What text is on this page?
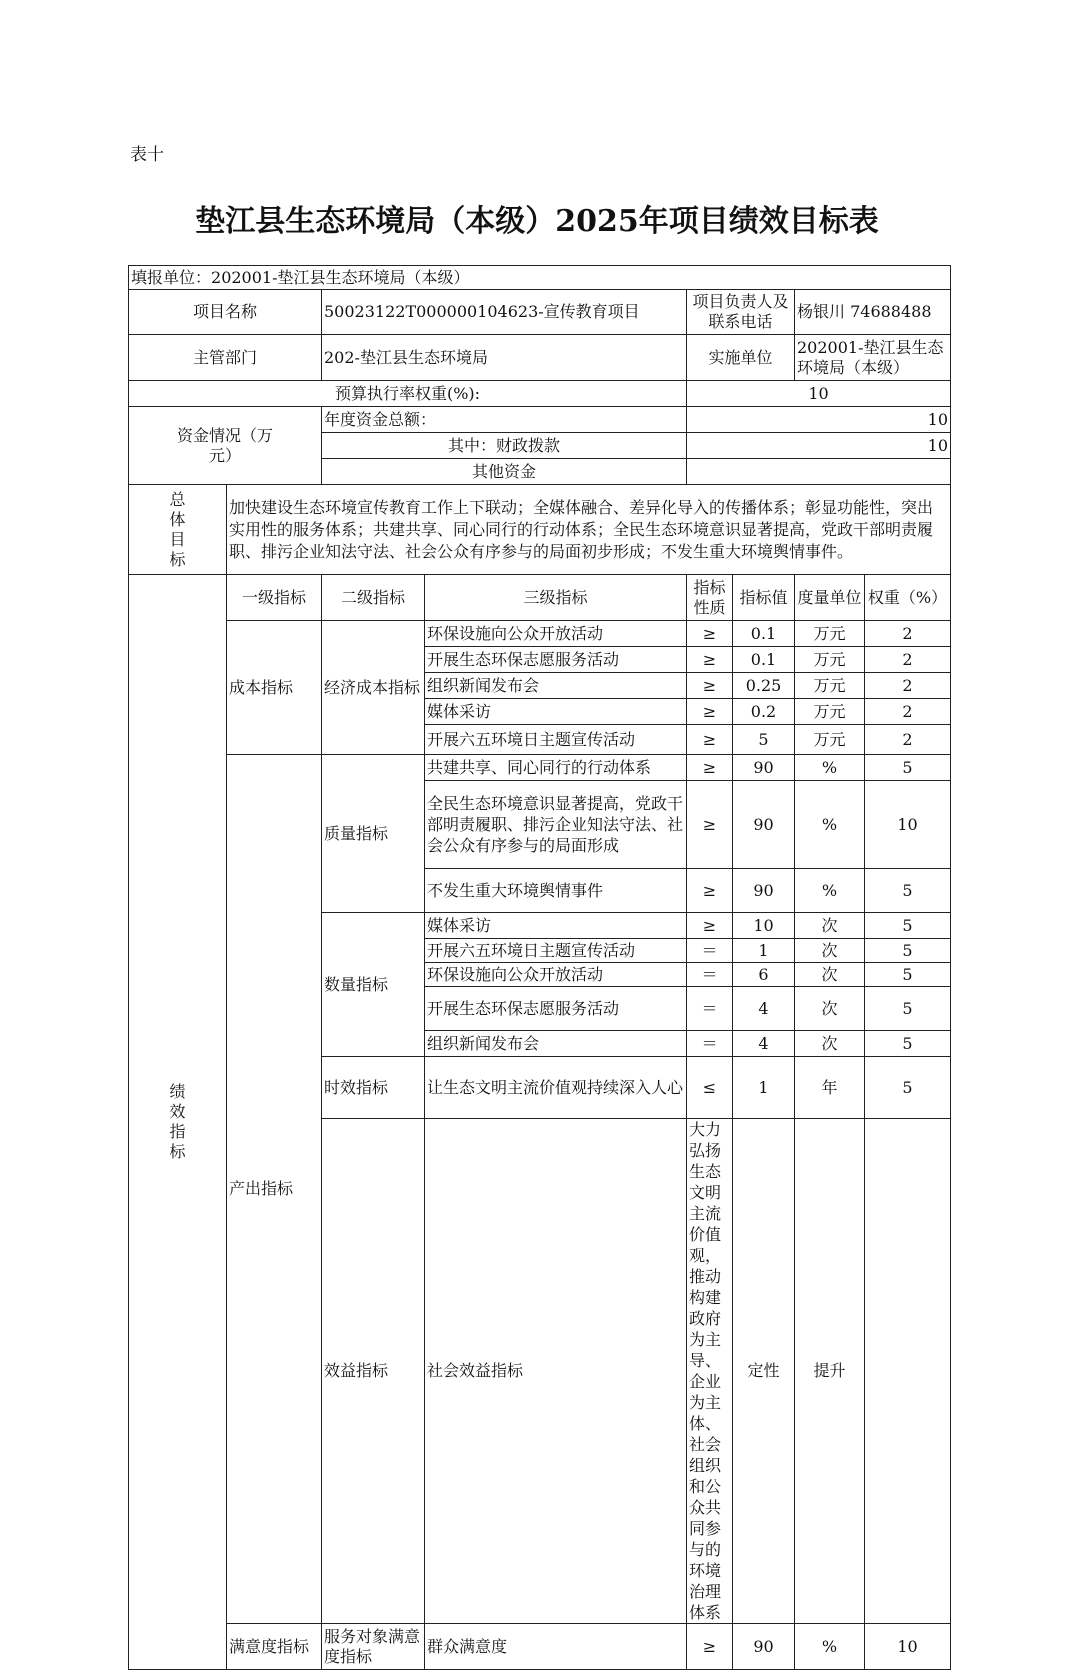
表十
垫江县生态环境局（本级）2025年项目绩效目标表
填报单位：202001-垫江县生态环境局（本级）								
项目名称		50023122T000000104623-宣传教育项目		项目负责人及联系电话		杨银川 74688488		
主管部门		202-垫江县生态环境局		实施单位		202001-垫江县生态环境局（本级）		
预算执行率权重(%):				10				
资金情况（万元）		年度资金总额：		10				
		其中：财政拨款		10				
		其他资金						

总体目标	加快建设生态环境宣传教育工作上下联动；全媒体融合、差异化导入的传播体系；彰显功能性，突出实用性的服务体系；共建共享、同心同行的行动体系；全民生态环境意识显著提高，党政干部明责履职、排污企业知法守法、社会公众有序参与的局面初步形成；不发生重大环境舆情事件。							

绩效指标	一级指标	二级指标	三级指标	指标性质	指标值	度量单位	权重（%）	
	成本指标	经济成本指标	环保设施向公众开放活动	≥	0.1	万元	2	
			开展生态环保志愿服务活动	≥	0.1	万元	2	
			组织新闻发布会	≥	0.25	万元	2	
			媒体采访	≥	0.2	万元	2	
			开展六五环境日主题宣传活动	≥	5	万元	2	
	产出指标	质量指标	共建共享、同心同行的行动体系	≥	90	%	5	
			全民生态环境意识显著提高，党政干部明责履职、排污企业知法守法、社会公众有序参与的局面形成	≥	90	%	10	
			不发生重大环境舆情事件	≥	90	%	5	
		数量指标	媒体采访	≥	10	次	5	
			开展六五环境日主题宣传活动	＝	1	次	5	
			环保设施向公众开放活动	＝	6	次	5	
			开展生态环保志愿服务活动	＝	4	次	5	
			组织新闻发布会	＝	4	次	5	
		时效指标	让生态文明主流价值观持续深入人心	≤	1	年	5	
		效益指标	社会效益指标	大力弘扬生态文明主流价值观，推动构建政府为主导、企业为主体、社会组织和公众共同参与的环境治理体系	定性	提升		
	满意度指标	服务对象满意度指标	群众满意度	≥	90	%	10	
